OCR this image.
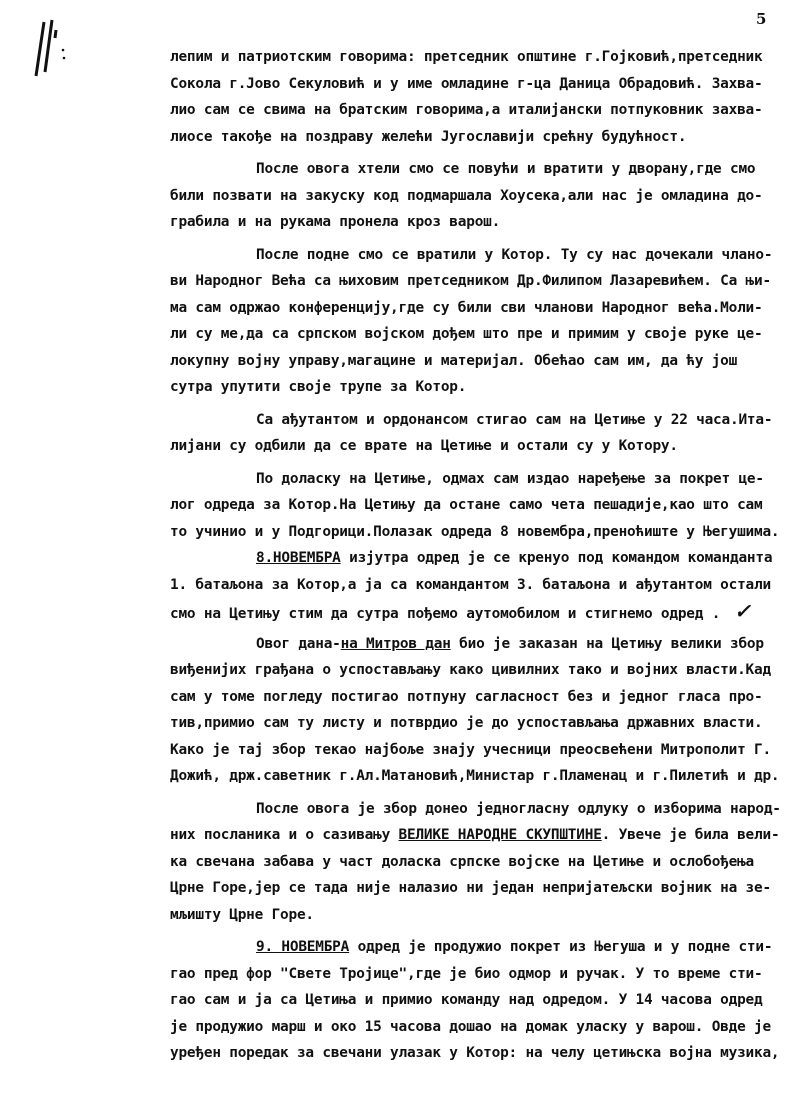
5
лепим и патриотским говорима: претседник општине г.Гојковић,претседник
Сокола г.Јово Секуловић и у име омладине г-ца Даница Обрадовић. Захва-
лио сам се свима на братским говорима,а италијански потпуковник захва-
лиосе такође на поздраву желећи Југославији срећну будућност.
После овога хтели смо се повући и вратити у дворану,где смо
били позвати на закуску код подмаршала Хоусека,али нас је омладина до-
грабила и на рукама пронела кроз варош.
После подне смо се вратили у Котор. Ту су нас дочекали чланo-
ви Народног Већа са њиховим претседником Др.Филипом Лазаревићем. Са њи-
ма сам одржао конференцију,где су били сви чланови Народног већа.Моли-
ли су ме,да са српском војском дођем што пре и примим у своје руке це-
локупну војну управу,магацине и материјал. Обећао сам им, да ћу још
сутра упутити своје трупе за Котор.
Са ађутантом и ордонансом стигао сам на Цетиње у 22 часа.Ита-
лијани су одбили да се врате на Цетиње и остали су у Котору.
По доласку на Цетиње, одмах сам издао наређење за покрет це-
лог одреда за Котор.На Цетињу да остане само чета пешадије,као што сам
то учинио и у Подгорици.Полазак одреда 8 новембра,преноћиште у Његушима.
8.НОВЕМБРА изјутра одред је се кренуо под командом команданта
1. батаљона за Котор,а ја са командантом 3. батаљона и ађутантом остали
смо на Цетињу стим да сутра пођемо аутомобилом и стигнемо одред . ✓
Овог дана-на Митров дан био је заказан на Цетињу велики збор
виђенијих грађана о успостављању како цивилних тако и војних власти.Кад
сам у томе погледу постигао потпуну сагласност без и једног гласа про-
тив,примио сам ту листу и потврдио је до успостављања државних власти.
Како је тај збор текао најбоље знају учесници преосвећени Митрополит Г.
Дожић, држ.саветник г.Ал.Матановић,Министар г.Пламенац и г.Пилетић и др.
После овога је збор донео једногласну одлуку о изборима народ-
них посланика и о сазивању ВЕЛИКЕ НАРОДНЕ СКУПШТИНЕ. Увече је била вели-
ка свечана забава у част доласка српске војске на Цетиње и ослобођења
Црне Горе,јер се тада није налазио ни један непријатељски војник на зе-
мљишту Црне Горе.
9. НОВЕМБРА одред је продужио покрет из Његуша и у подне сти-
гао пред фор "Свете Тројице",где је био одмор и ручак. У то време сти-
гао сам и ја са Цетиња и примио команду над одредом. У 14 часова одред
је продужио марш и око 15 часова дошао на домак уласку у варош. Овде је
уређен поредак за свечани улазак у Котор: на челу цетињска војна музика,
